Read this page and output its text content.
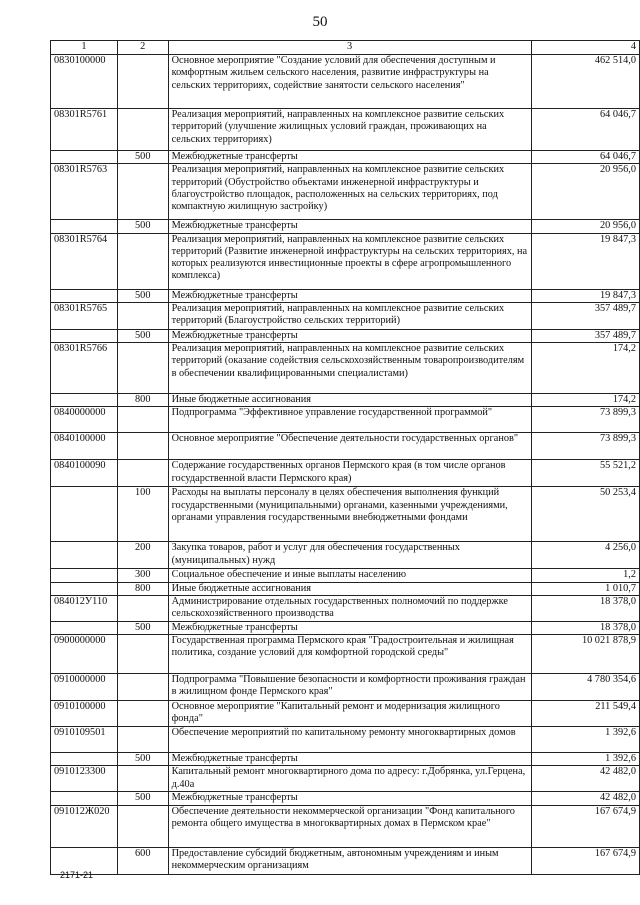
50
1	2	3	4
0830100000		Основное мероприятие "Создание условий для обеспечения доступным и комфортным жильем сельского населения, развитие инфраструктуры на сельских территориях, содействие занятости сельского населения"	462 514,0
08301R5761		Реализация мероприятий, направленных на комплексное развитие сельских территорий (улучшение жилищных условий граждан, проживающих на сельских территориях)	64 046,7
	500	Межбюджетные трансферты	64 046,7
08301R5763		Реализация мероприятий, направленных на комплексное развитие сельских территорий (Обустройство объектами инженерной инфраструктуры и благоустройство площадок, расположенных на сельских территориях, под компактную жилищную застройку)	20 956,0
	500	Межбюджетные трансферты	20 956,0
08301R5764		Реализация мероприятий, направленных на комплексное развитие сельских территорий (Развитие инженерной инфраструктуры на сельских территориях, на которых реализуются инвестиционные проекты в сфере агропромышленного комплекса)	19 847,3
	500	Межбюджетные трансферты	19 847,3
08301R5765		Реализация мероприятий, направленных на комплексное развитие сельских территорий (Благоустройство сельских территорий)	357 489,7
	500	Межбюджетные трансферты	357 489,7
08301R5766		Реализация мероприятий, направленных на комплексное развитие сельских территорий (оказание содействия сельскохозяйственным товаропроизводителям в обеспечении квалифицированными специалистами)	174,2
	800	Иные бюджетные ассигнования	174,2
0840000000		Подпрограмма "Эффективное управление государственной программой"	73 899,3
0840100000		Основное мероприятие "Обеспечение деятельности государственных органов"	73 899,3
0840100090		Содержание государственных органов Пермского края (в том числе органов государственной власти Пермского края)	55 521,2
	100	Расходы на выплаты персоналу в целях обеспечения выполнения функций государственными (муниципальными) органами, казенными учреждениями, органами управления государственными внебюджетными фондами	50 253,4
	200	Закупка товаров, работ и услуг для обеспечения государственных (муниципальных) нужд	4 256,0
	300	Социальное обеспечение и иные выплаты населению	1,2
	800	Иные бюджетные ассигнования	1 010,7
084012У110		Администрирование отдельных государственных полномочий по поддержке сельскохозяйственного производства	18 378,0
	500	Межбюджетные трансферты	18 378,0
0900000000		Государственная программа Пермского края "Градостроительная и жилищная политика, создание условий для комфортной городской среды"	10 021 878,9
0910000000		Подпрограмма "Повышение безопасности и комфортности проживания граждан в жилищном фонде Пермского края"	4 780 354,6
0910100000		Основное мероприятие "Капитальный ремонт и модернизация жилищного фонда"	211 549,4
0910109501		Обеспечение мероприятий по капитальному ремонту многоквартирных домов	1 392,6
	500	Межбюджетные трансферты	1 392,6
0910123300		Капитальный ремонт многоквартирного дома по адресу: г.Добрянка, ул.Герцена, д.40а	42 482,0
	500	Межбюджетные трансферты	42 482,0
091012Ж020		Обеспечение деятельности некоммерческой организации "Фонд капитального ремонта общего имущества в многоквартирных домах в Пермском крае"	167 674,9
	600	Предоставление субсидий бюджетным, автономным учреждениям и иным некоммерческим организациям	167 674,9
2171-21
